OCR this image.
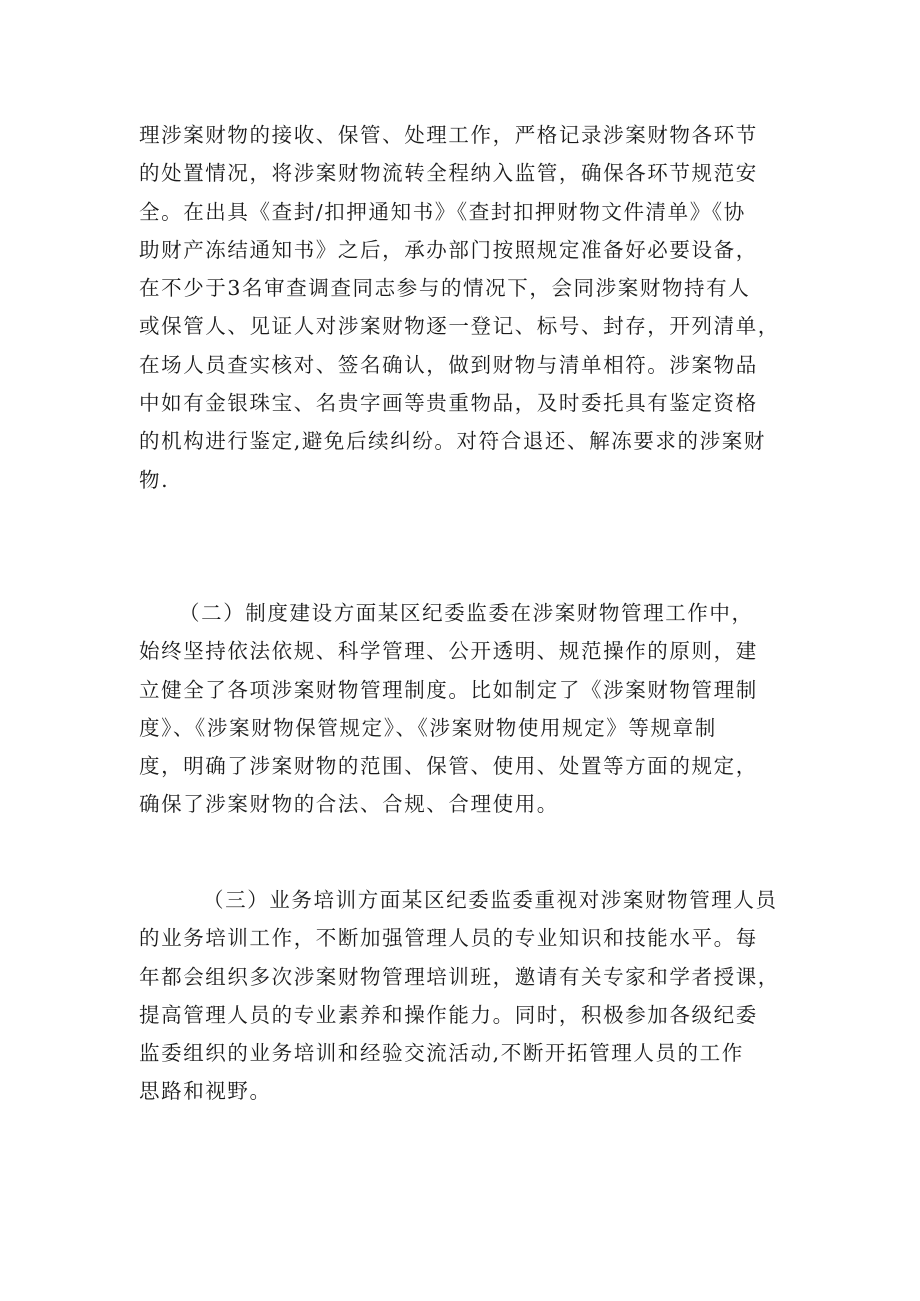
理涉案财物的接收、保管、处理工作，严格记录涉案财物各环节
的处置情况，将涉案财物流转全程纳入监管，确保各环节规范安
全。在出具《查封/扣押通知书》《查封扣押财物文件清单》《协
助财产冻结通知书》之后，承办部门按照规定准备好必要设备，
在不少于3名审查调查同志参与的情况下，会同涉案财物持有人
或保管人、见证人对涉案财物逐一登记、标号、封存，开列清单，
在场人员查实核对、签名确认，做到财物与清单相符。涉案物品
中如有金银珠宝、名贵字画等贵重物品，及时委托具有鉴定资格
的机构进行鉴定,避免后续纠纷。对符合退还、解冻要求的涉案财
物.
（二）制度建设方面某区纪委监委在涉案财物管理工作中，
始终坚持依法依规、科学管理、公开透明、规范操作的原则，建
立健全了各项涉案财物管理制度。比如制定了《涉案财物管理制
度》、《涉案财物保管规定》、《涉案财物使用规定》等规章制
度，明确了涉案财物的范围、保管、使用、处置等方面的规定，
确保了涉案财物的合法、合规、合理使用。
（三）业务培训方面某区纪委监委重视对涉案财物管理人员
的业务培训工作，不断加强管理人员的专业知识和技能水平。每
年都会组织多次涉案财物管理培训班，邀请有关专家和学者授课，
提高管理人员的专业素养和操作能力。同时，积极参加各级纪委
监委组织的业务培训和经验交流活动,不断开拓管理人员的工作
思路和视野。
